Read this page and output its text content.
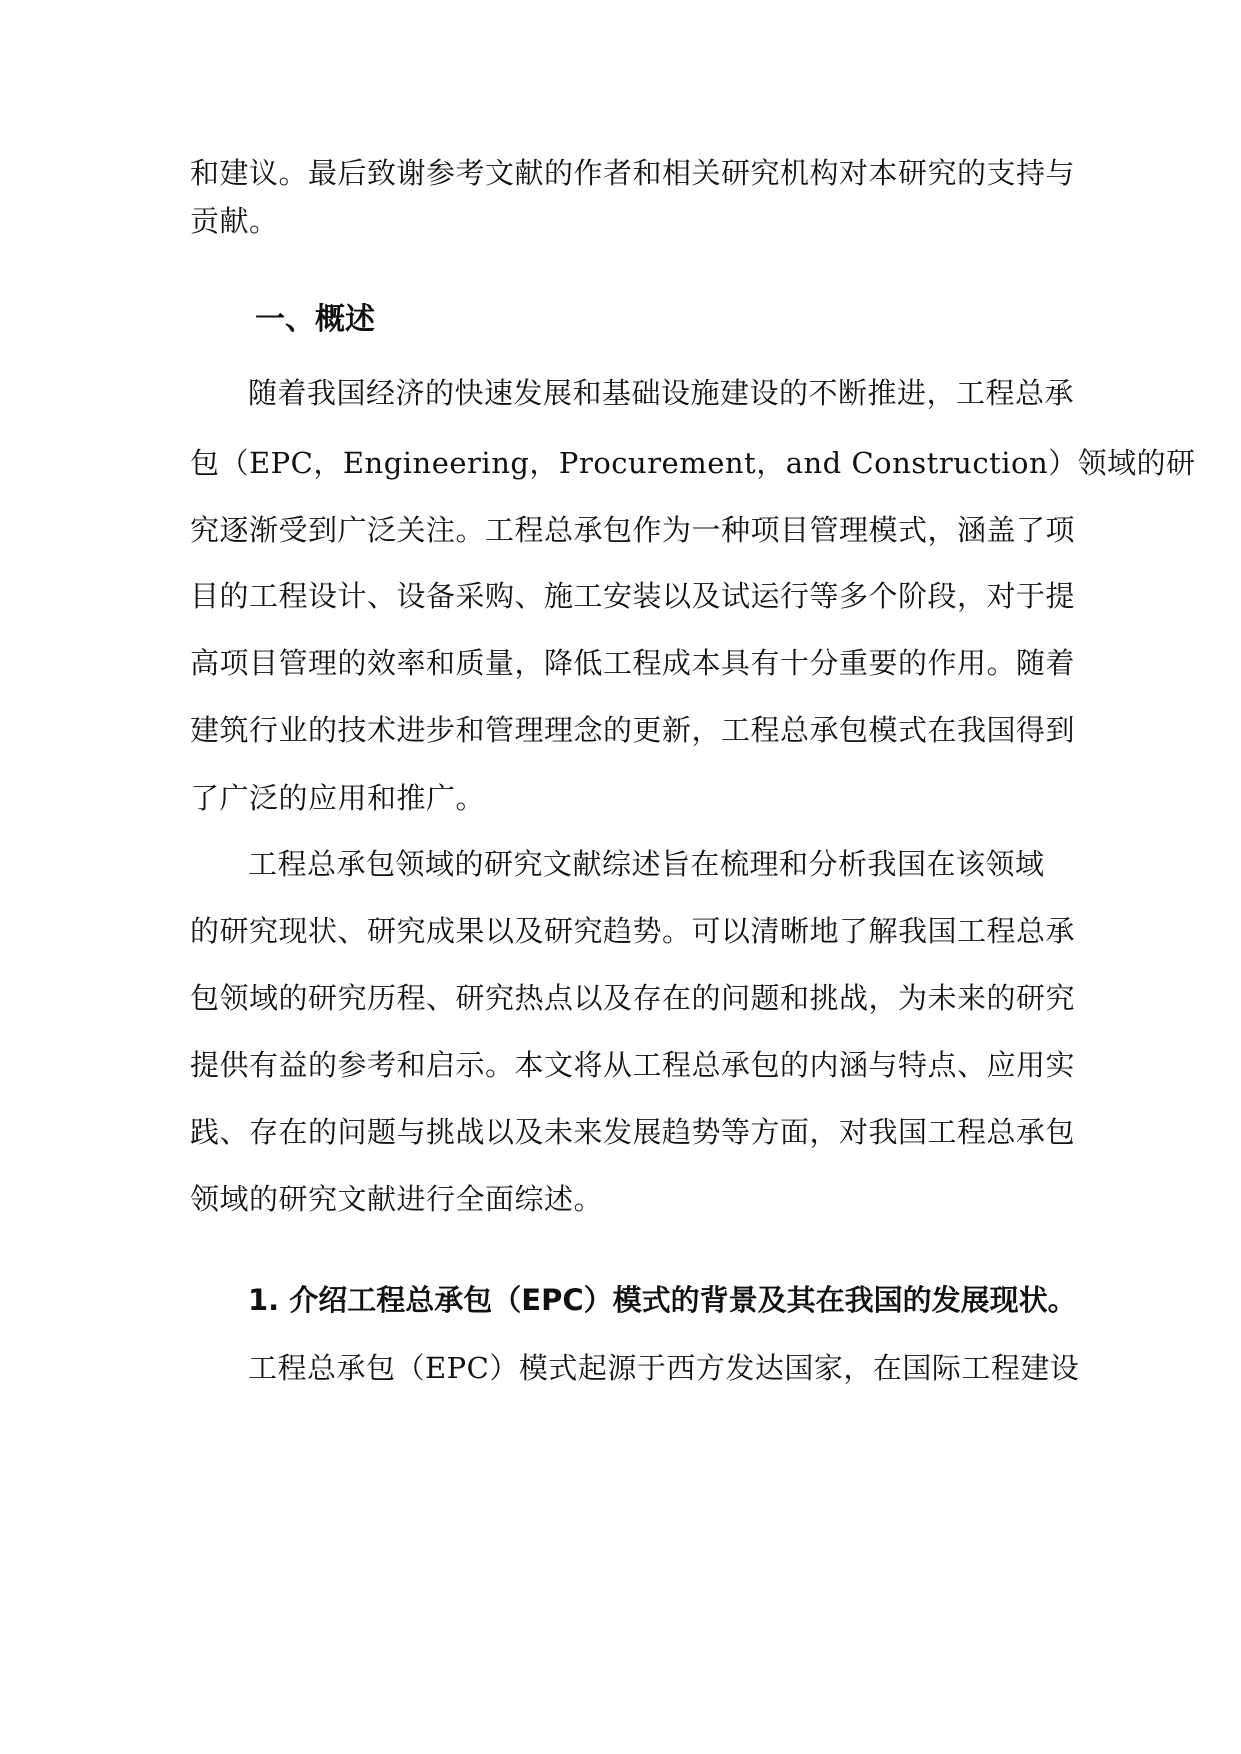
和建议。最后致谢参考文献的作者和相关研究机构对本研究的支持与
贡献。
一、概述
随着我国经济的快速发展和基础设施建设的不断推进，工程总承
包（EPC，Engineering，Procurement，and Construction）领域的研
究逐渐受到广泛关注。工程总承包作为一种项目管理模式，涵盖了项
目的工程设计、设备采购、施工安装以及试运行等多个阶段，对于提
高项目管理的效率和质量，降低工程成本具有十分重要的作用。随着
建筑行业的技术进步和管理理念的更新，工程总承包模式在我国得到
了广泛的应用和推广。
工程总承包领域的研究文献综述旨在梳理和分析我国在该领域
的研究现状、研究成果以及研究趋势。可以清晰地了解我国工程总承
包领域的研究历程、研究热点以及存在的问题和挑战，为未来的研究
提供有益的参考和启示。本文将从工程总承包的内涵与特点、应用实
践、存在的问题与挑战以及未来发展趋势等方面，对我国工程总承包
领域的研究文献进行全面综述。
1. 介绍工程总承包（EPC）模式的背景及其在我国的发展现状。
工程总承包（EPC）模式起源于西方发达国家，在国际工程建设
